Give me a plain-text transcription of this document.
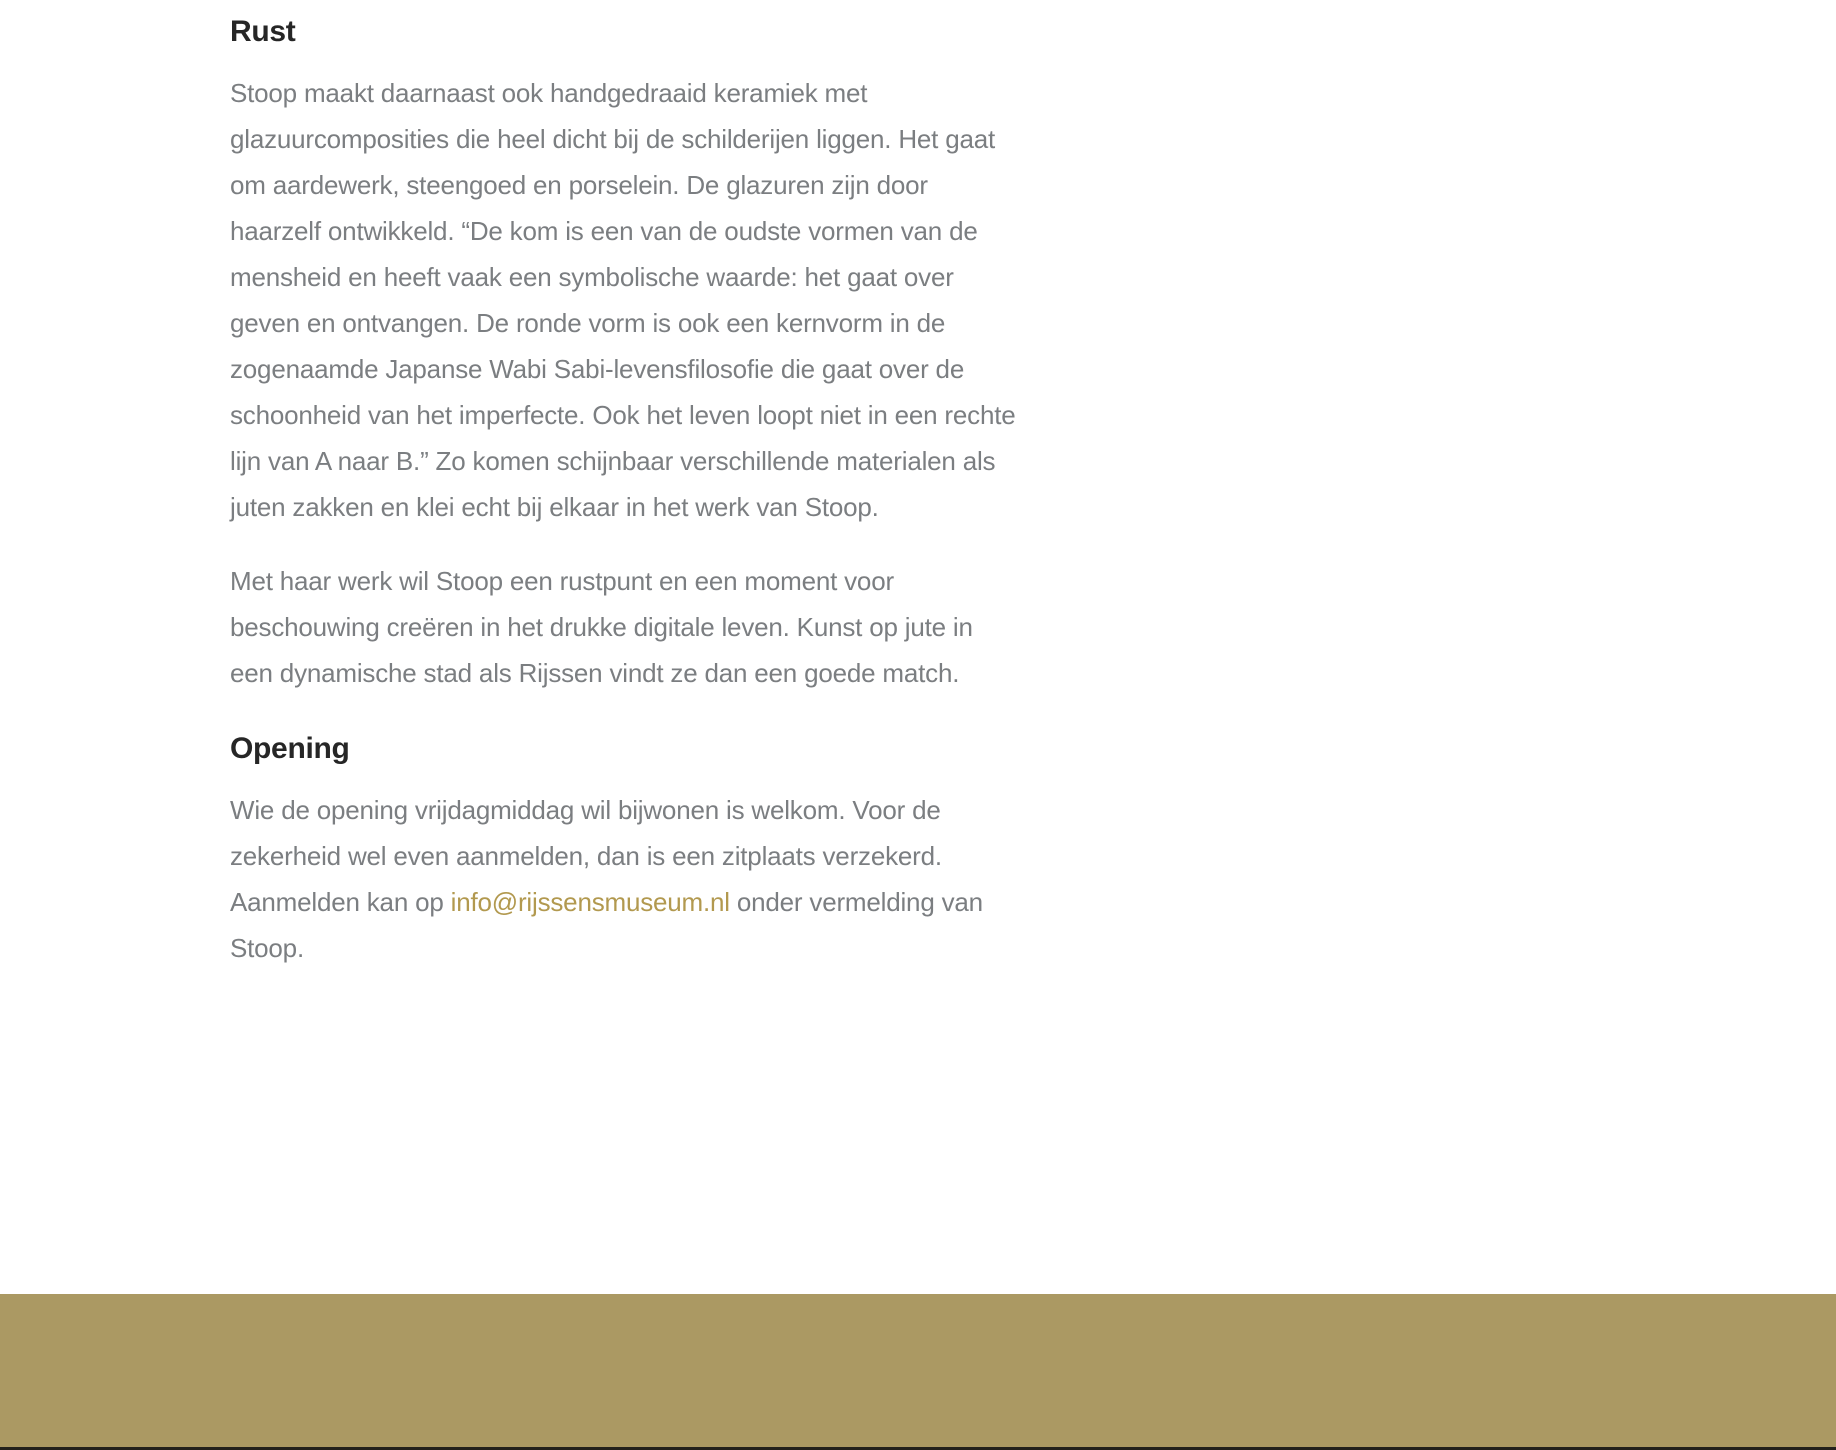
Rust

Stoop maakt daarnaast ook handgedraaid keramiek met glazuurcomposities die heel dicht bij de schilderijen liggen. Het gaat om aardewerk, steengoed en porselein. De glazuren zijn door haarzelf ontwikkeld. “De kom is een van de oudste vormen van de mensheid en heeft vaak een symbolische waarde: het gaat over geven en ontvangen. De ronde vorm is ook een kernvorm in de zogenaamde Japanse Wabi Sabi-levensfilosofie die gaat over de schoonheid van het imperfecte. Ook het leven loopt niet in een rechte lijn van A naar B.” Zo komen schijnbaar verschillende materialen als juten zakken en klei echt bij elkaar in het werk van Stoop.

Met haar werk wil Stoop een rustpunt en een moment voor beschouwing creëren in het drukke digitale leven. Kunst op jute in een dynamische stad als Rijssen vindt ze dan een goede match.

Opening

Wie de opening vrijdagmiddag wil bijwonen is welkom. Voor de zekerheid wel even aanmelden, dan is een zitplaats verzekerd. Aanmelden kan op info@rijssensmuseum.nl onder vermelding van Stoop.
